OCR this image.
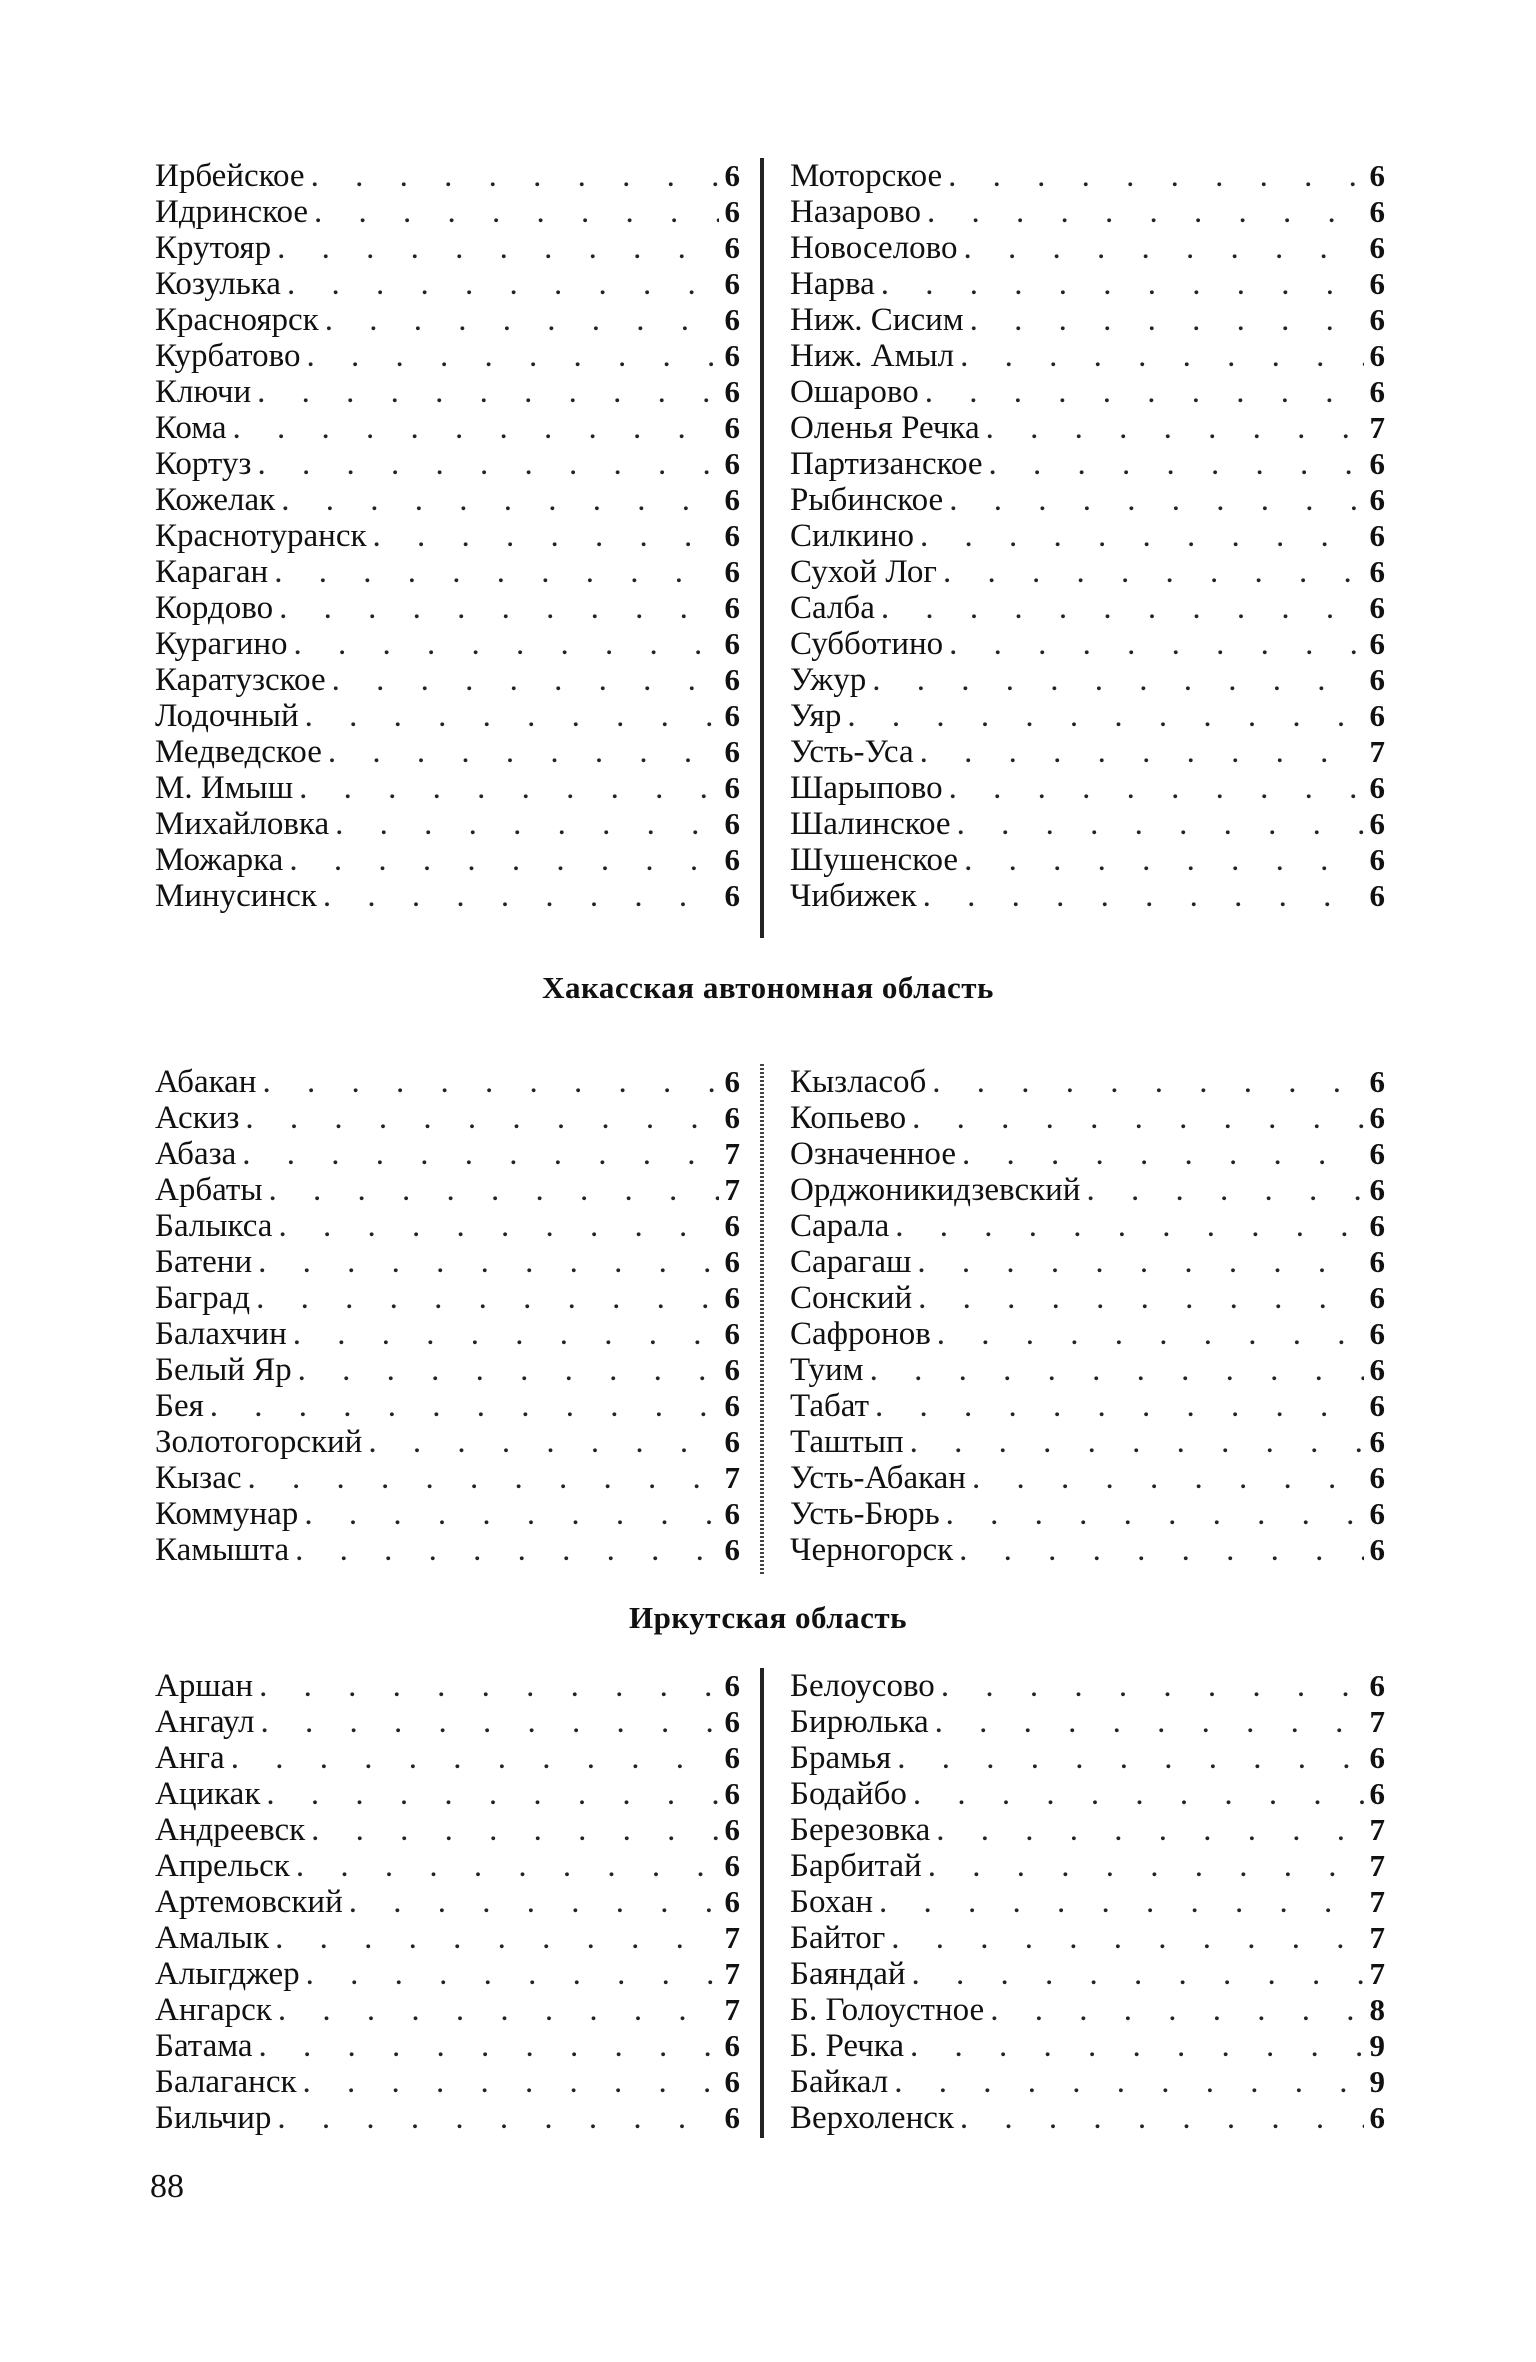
Ирбейское . . .	6
Идринское . . .	6
Крутояр . . .	6
Козулька . . .	6
Красноярск . . .	6
Курбатово . . .	6
Ключи . . .	6
Кома . . .	6
Кортуз . . .	6
Кожелак . . .	6
Краснотуранск . . .	6
Караган . . .	6
Кордово . . .	6
Курагино . . .	6
Каратузское . . .	6
Лодочный . . .	6
Медведское . . .	6
М. Имыш . . .	6
Михайловка . . .	6
Можарка . . .	6
Минусинск . . .	6
Моторское . . .	6
Назарово . . .	6
Новоселово . . .	6
Нарва . . .	6
Ниж. Сисим . . .	6
Ниж. Амыл . . .	6
Ошарово . . .	6
Оленья Речка . . .	7
Партизанское . . .	6
Рыбинское . . .	6
Силкино . . .	6
Сухой Лог . . .	6
Салба . . .	6
Субботино . . .	6
Ужур . . .	6
Уяр . . .	6
Усть-Уса . . .	7
Шарыпово . . .	6
Шалинское . . .	6
Шушенское . . .	6
Чибижек . . .	6
Хакасская автономная область
Абакан . . .	6
Аскиз . . .	6
Абаза . . .	7
Арбаты . . .	7
Балыкса . . .	6
Батени . . .	6
Баград . . .	6
Балахчин . . .	6
Белый Яр . . .	6
Бея . . .	6
Золотогорский . . .	6
Кызас . . .	7
Коммунар . . .	6
Камышта . . .	6
Кызласоб . . .	6
Копьево . . .	6
Означенное . . .	6
Орджоникидзевский . . .	6
Сарала . . .	6
Сарагаш . . .	6
Сонский . . .	6
Сафронов . . .	6
Туим . . .	6
Табат . . .	6
Таштып . . .	6
Усть-Абакан . . .	6
Усть-Бюрь . . .	6
Черногорск . . .	6
Иркутская область
Аршан . . .	6
Ангаул . . .	6
Анга . . .	6
Ацикак . . .	6
Андреевск . . .	6
Апрельск . . .	6
Артемовский . . .	6
Амалык . . .	7
Алыгджер . . .	7
Ангарск . . .	7
Батама . . .	6
Балаганск . . .	6
Бильчир . . .	6
Белоусово . . .	6
Бирюлька . . .	7
Брамья . . .	6
Бодайбо . . .	6
Березовка . . .	7
Барбитай . . .	7
Бохан . . .	7
Байтог . . .	7
Баяндай . . .	7
Б. Голоустное . . .	8
Б. Речка . . .	9
Байкал . . .	9
Верхоленск . . .	6
88
